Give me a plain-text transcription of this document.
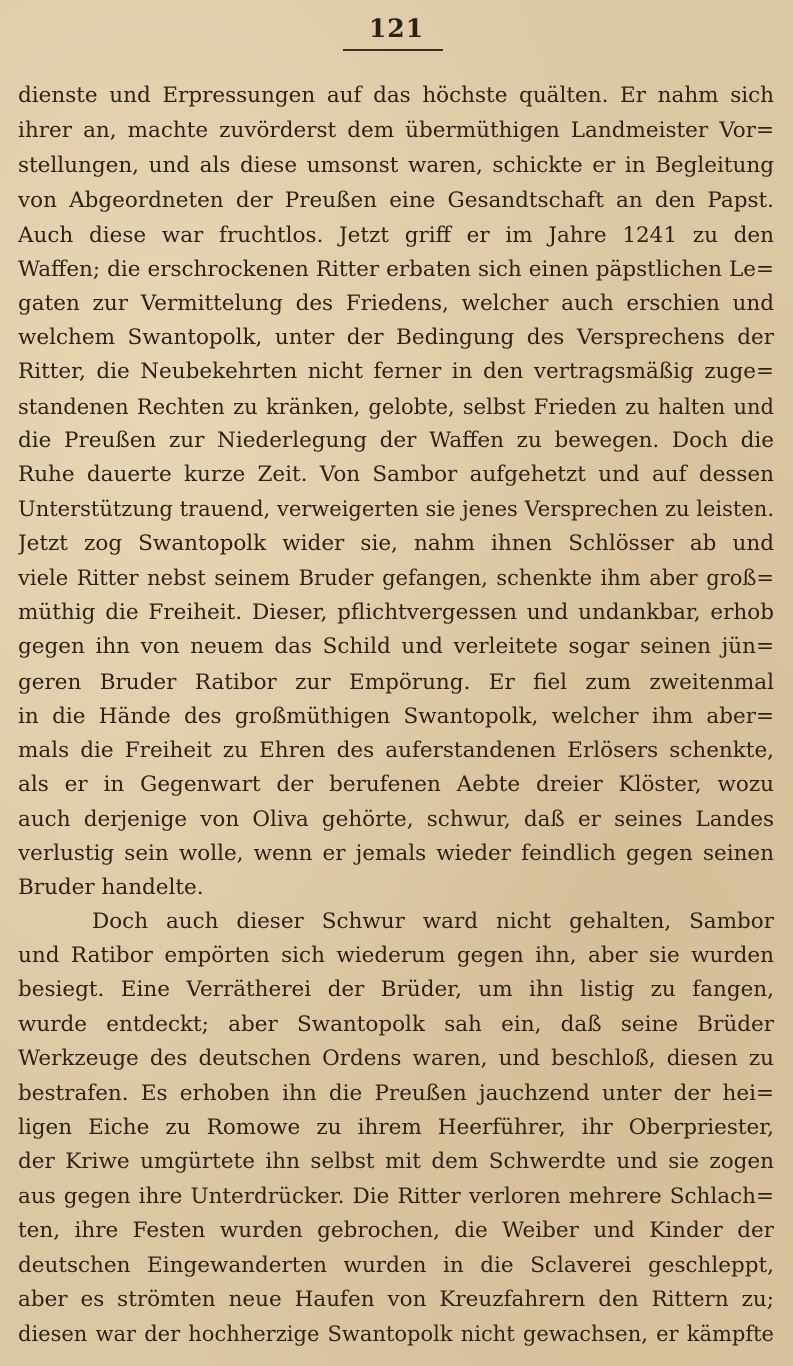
121
dienste und Erpressungen auf das höchste quälten. Er nahm sich
ihrer an, machte zuvörderst dem übermüthigen Landmeister Vor=
stellungen, und als diese umsonst waren, schickte er in Begleitung
von Abgeordneten der Preußen eine Gesandtschaft an den Papst.
Auch diese war fruchtlos. Jetzt griff er im Jahre 1241 zu den
Waffen; die erschrockenen Ritter erbaten sich einen päpstlichen Le=
gaten zur Vermittelung des Friedens, welcher auch erschien und
welchem Swantopolk, unter der Bedingung des Versprechens der
Ritter, die Neubekehrten nicht ferner in den vertragsmäßig zuge=
standenen Rechten zu kränken, gelobte, selbst Frieden zu halten und
die Preußen zur Niederlegung der Waffen zu bewegen. Doch die
Ruhe dauerte kurze Zeit. Von Sambor aufgehetzt und auf dessen
Unterstützung trauend, verweigerten sie jenes Versprechen zu leisten.
Jetzt zog Swantopolk wider sie, nahm ihnen Schlösser ab und
viele Ritter nebst seinem Bruder gefangen, schenkte ihm aber groß=
müthig die Freiheit. Dieser, pflichtvergessen und undankbar, erhob
gegen ihn von neuem das Schild und verleitete sogar seinen jün=
geren Bruder Ratibor zur Empörung. Er fiel zum zweitenmal
in die Hände des großmüthigen Swantopolk, welcher ihm aber=
mals die Freiheit zu Ehren des auferstandenen Erlösers schenkte,
als er in Gegenwart der berufenen Aebte dreier Klöster, wozu
auch derjenige von Oliva gehörte, schwur, daß er seines Landes
verlustig sein wolle, wenn er jemals wieder feindlich gegen seinen
Bruder handelte.
Doch auch dieser Schwur ward nicht gehalten, Sambor
und Ratibor empörten sich wiederum gegen ihn, aber sie wurden
besiegt. Eine Verrätherei der Brüder, um ihn listig zu fangen,
wurde entdeckt; aber Swantopolk sah ein, daß seine Brüder
Werkzeuge des deutschen Ordens waren, und beschloß, diesen zu
bestrafen. Es erhoben ihn die Preußen jauchzend unter der hei=
ligen Eiche zu Romowe zu ihrem Heerführer, ihr Oberpriester,
der Kriwe umgürtete ihn selbst mit dem Schwerdte und sie zogen
aus gegen ihre Unterdrücker. Die Ritter verloren mehrere Schlach=
ten, ihre Festen wurden gebrochen, die Weiber und Kinder der
deutschen Eingewanderten wurden in die Sclaverei geschleppt,
aber es strömten neue Haufen von Kreuzfahrern den Rittern zu;
diesen war der hochherzige Swantopolk nicht gewachsen, er kämpfte
